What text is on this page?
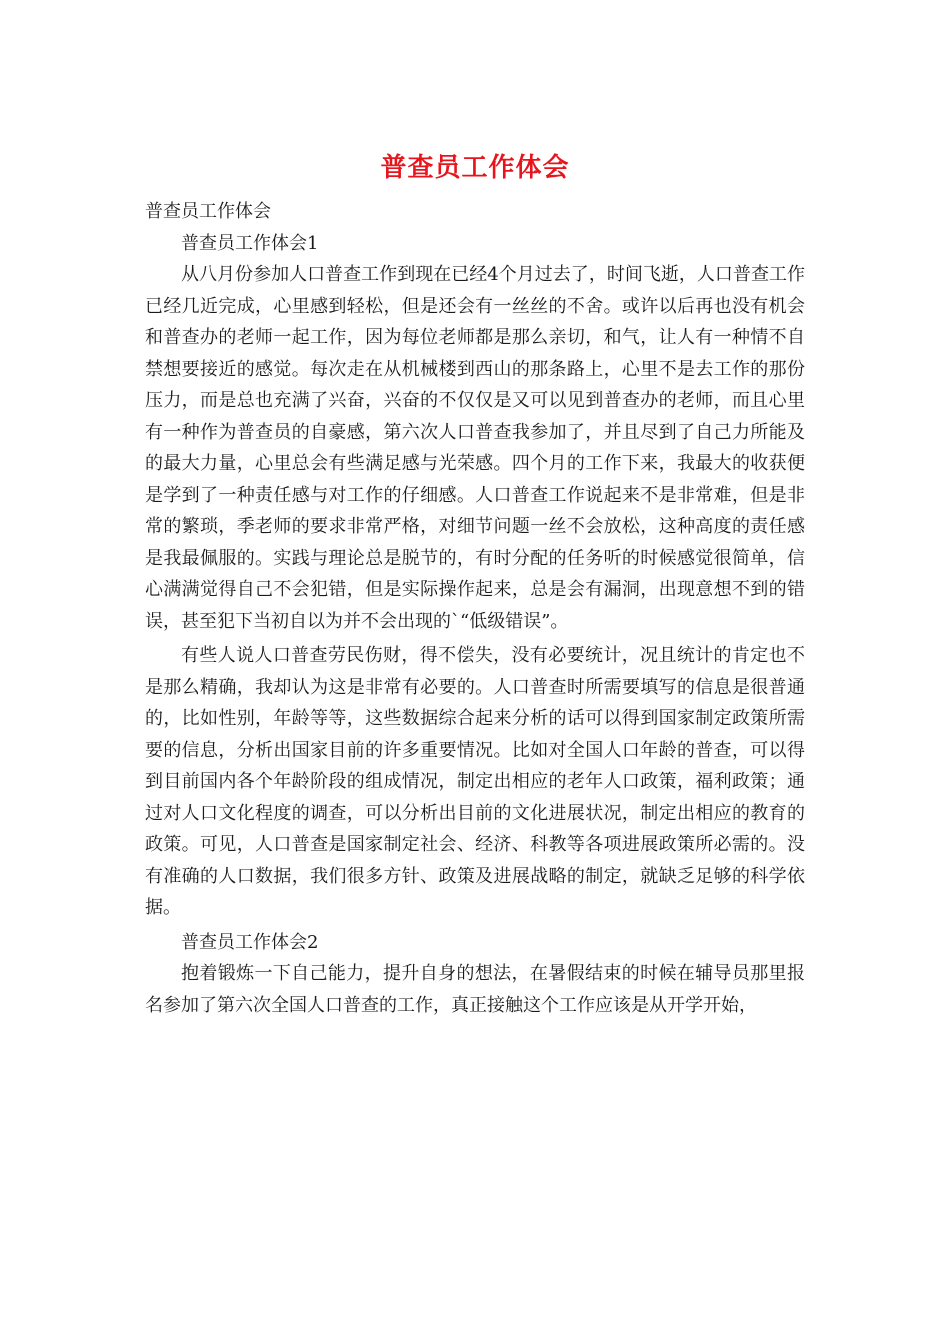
普查员工作体会

普查员工作体会

普查员工作体会1

从八月份参加人口普查工作到现在已经4个月过去了，时间飞逝，人口普查工作已经几近完成，心里感到轻松，但是还会有一丝丝的不舍。或许以后再也没有机会和普查办的老师一起工作，因为每位老师都是那么亲切，和气，让人有一种情不自禁想要接近的感觉。每次走在从机械楼到西山的那条路上，心里不是去工作的那份压力，而是总也充满了兴奋，兴奋的不仅仅是又可以见到普查办的老师，而且心里有一种作为普查员的自豪感，第六次人口普查我参加了，并且尽到了自己力所能及的最大力量，心里总会有些满足感与光荣感。四个月的工作下来，我最大的收获便是学到了一种责任感与对工作的仔细感。人口普查工作说起来不是非常难，但是非常的繁琐，季老师的要求非常严格，对细节问题一丝不会放松，这种高度的责任感是我最佩服的。实践与理论总是脱节的，有时分配的任务听的时候感觉很简单，信心满满觉得自己不会犯错，但是实际操作起来，总是会有漏洞，出现意想不到的错误，甚至犯下当初自以为并不会出现的`“低级错误”。

有些人说人口普查劳民伤财，得不偿失，没有必要统计，况且统计的肯定也不是那么精确，我却认为这是非常有必要的。人口普查时所需要填写的信息是很普通的，比如性别，年龄等等，这些数据综合起来分析的话可以得到国家制定政策所需要的信息，分析出国家目前的许多重要情况。比如对全国人口年龄的普查，可以得到目前国内各个年龄阶段的组成情况，制定出相应的老年人口政策，福利政策；通过对人口文化程度的调查，可以分析出目前的文化进展状况，制定出相应的教育的政策。可见，人口普查是国家制定社会、经济、科教等各项进展政策所必需的。没有准确的人口数据，我们很多方针、政策及进展战略的制定，就缺乏足够的科学依据。

普查员工作体会2

抱着锻炼一下自己能力，提升自身的想法，在暑假结束的时候在辅导员那里报名参加了第六次全国人口普查的工作，真正接触这个工作应该是从开学开始，
